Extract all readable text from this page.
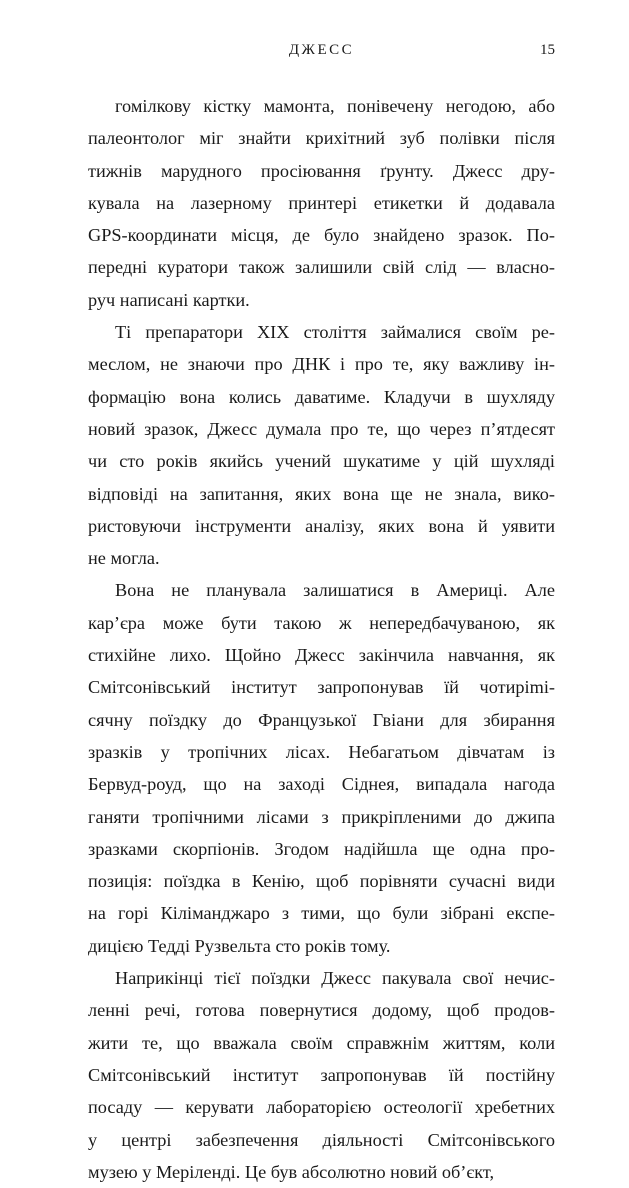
ДЖЕСС	15
гомілкову кістку мамонта, понівечену негодою, або
палеонтолог міг знайти крихітний зуб полівки після
тижнів марудного просіювання ґрунту. Джесс дру-
кувала на лазерному принтері етикетки й додавала
GPS-координати місця, де було знайдено зразок. По-
передні куратори також залишили свій слід — власно-
руч написані картки.
Ті препаратори XIX століття займалися своїм ре-
меслом, не знаючи про ДНК і про те, яку важливу ін-
формацію вона колись даватиме. Кладучи в шухляду
новий зразок, Джесс думала про те, що через п’ятдесят
чи сто років якийсь учений шукатиме у цій шухляді
відповіді на запитання, яких вона ще не знала, вико-
ристовуючи інструменти аналізу, яких вона й уявити
не могла.
Вона не планувала залишатися в Америці. Але
кар’єра може бути такою ж непередбачуваною, як
стихійне лихо. Щойно Джесс закінчила навчання, як
Смітсонівський інститут запропонував їй чотирimi-
сячну поїздку до Французької Гвіани для збирання
зразків у тропічних лісах. Небагатьом дівчатам із
Бервуд-роуд, що на заході Сіднея, випадала нагода
ганяти тропічними лісами з прикріпленими до джипа
зразками скорпіонів. Згодом надійшла ще одна про-
позиція: поїздка в Кенію, щоб порівняти сучасні види
на горі Кіліманджаро з тими, що були зібрані експе-
дицією Тедді Рузвельта сто років тому.
Наприкінці тієї поїздки Джесс пакувала свої нечис-
ленні речі, готова повернутися додому, щоб продов-
жити те, що вважала своїм справжнім життям, коли
Смітсонівський інститут запропонував їй постійну
посаду — керувати лабораторією остеології хребетних
у центрі забезпечення діяльності Смітсонівського
музею у Меріленді. Це був абсолютно новий об’єкт,
